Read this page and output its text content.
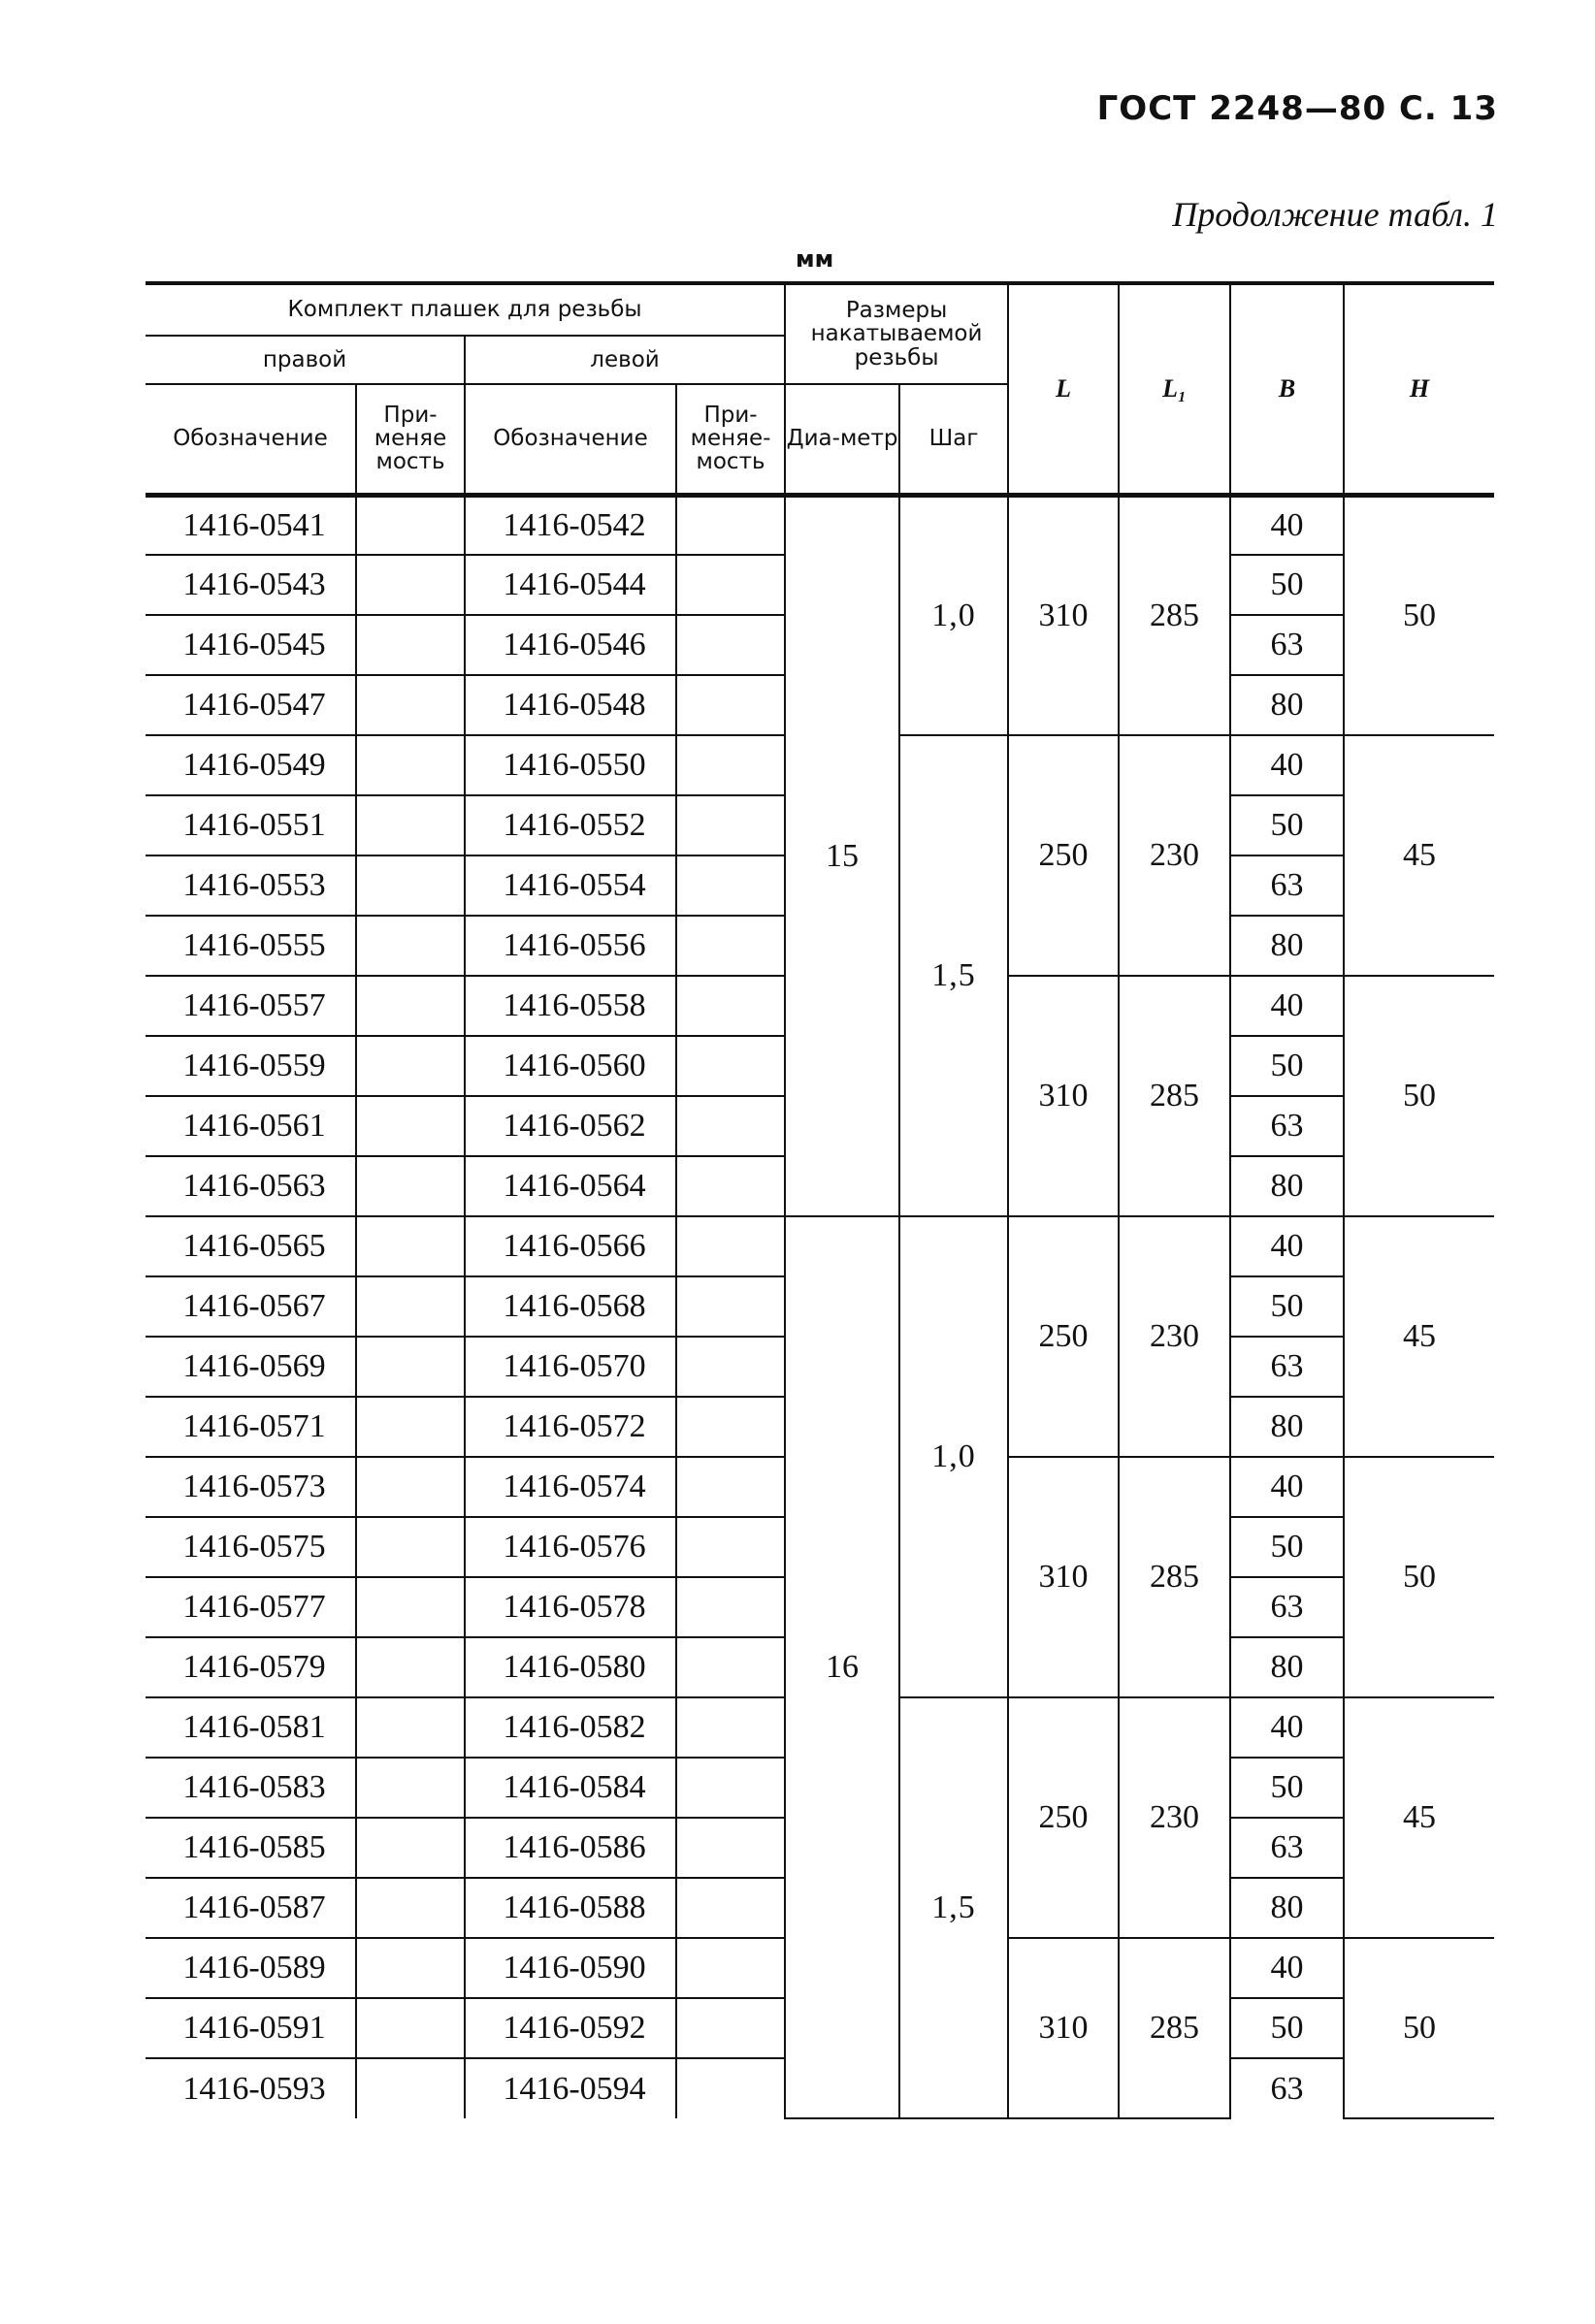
ГОСТ 2248—80 С. 13
Продолжение табл. 1
мм
Комплект плашек для резьбы				Размеры накатываемой резьбы		L	L₁	B	H
правой		левой							
Обозначение	При-меняе мость	Обозначение	При-меняе-мость	Диа-метр	Шаг				
1416-0541		1416-0542		15	1,0	310	285	40	50
1416-0543		1416-0544						50	
1416-0545		1416-0546						63	
1416-0547		1416-0548						80	
1416-0549		1416-0550			1,5	250	230	40	45
1416-0551		1416-0552						50	
1416-0553		1416-0554						63	
1416-0555		1416-0556						80	
1416-0557		1416-0558				310	285	40	50
1416-0559		1416-0560						50	
1416-0561		1416-0562						63	
1416-0563		1416-0564						80	
1416-0565		1416-0566		16	1,0	250	230	40	45
1416-0567		1416-0568						50	
1416-0569		1416-0570						63	
1416-0571		1416-0572						80	
1416-0573		1416-0574				310	285	40	50
1416-0575		1416-0576						50	
1416-0577		1416-0578						63	
1416-0579		1416-0580						80	
1416-0581		1416-0582			1,5	250	230	40	45
1416-0583		1416-0584						50	
1416-0585		1416-0586						63	
1416-0587		1416-0588						80	
1416-0589		1416-0590				310	285	40	50
1416-0591		1416-0592						50	
1416-0593		1416-0594						63	
